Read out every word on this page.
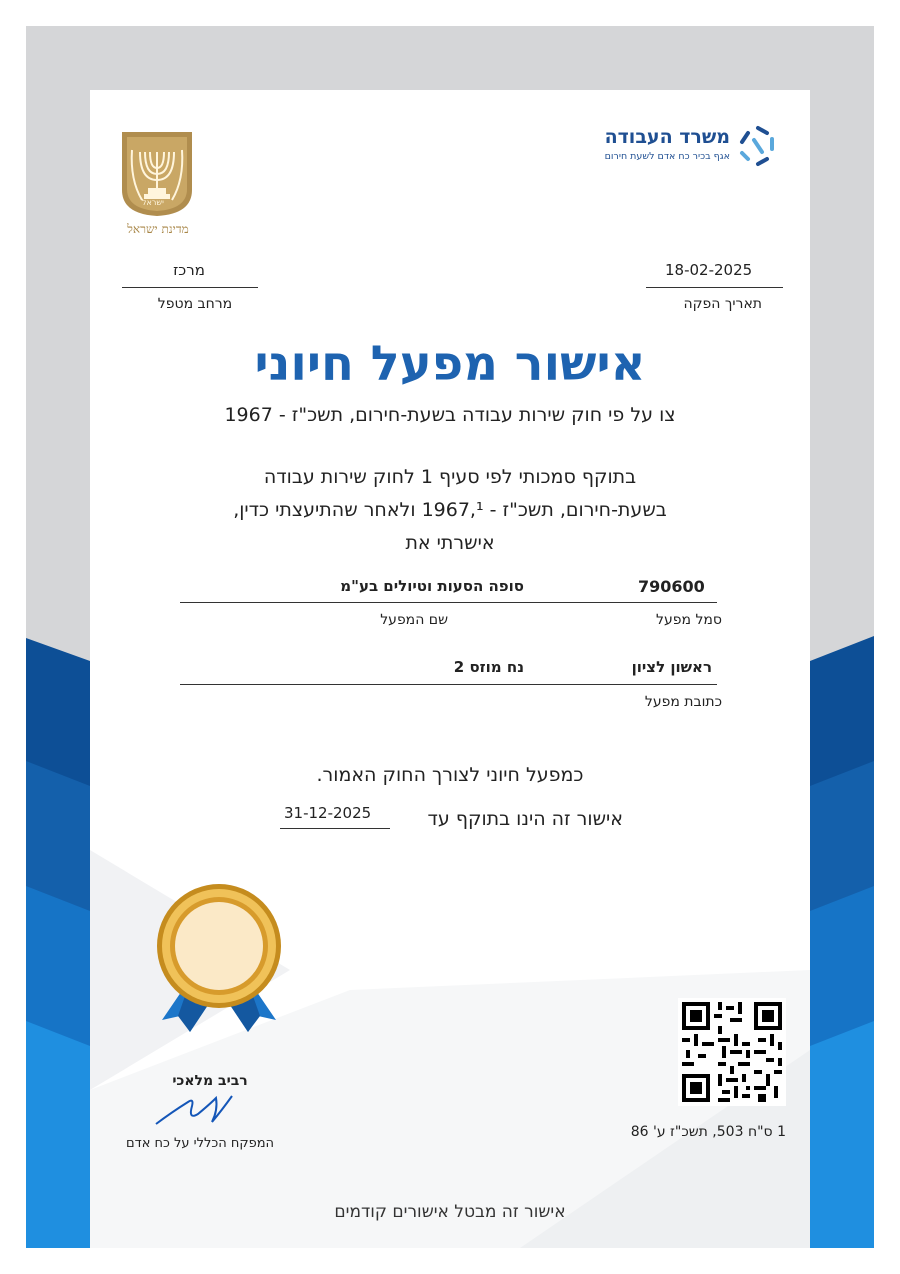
משרד העבודה
אגף בכיר כח אדם לשעת חירום
ישראל
מדינת ישראל
18-02-2025
תאריך הפקה
מרכז
מרחב מטפל
אישור מפעל חיוני
צו על פי חוק שירות עבודה בשעת-חירום, תשכ"ז - 1967
בתוקף סמכותי לפי סעיף 1 לחוק שירות עבודה
בשעת-חירום, תשכ"ז - 1967,¹ ולאחר שהתיעצתי כדין,
אישרתי את
790600
סופה הסעות וטיולים בע"מ
סמל מפעל
שם המפעל
ראשון לציון
נח מוזס 2
כתובת מפעל
כמפעל חיוני לצורך החוק האמור.
אישור זה הינו בתוקף עד
31-12-2025
רביב מלאכי
המפקח הכללי על כח אדם
1 ס"ח 503, תשכ"ז ע' 86
אישור זה מבטל אישורים קודמים
